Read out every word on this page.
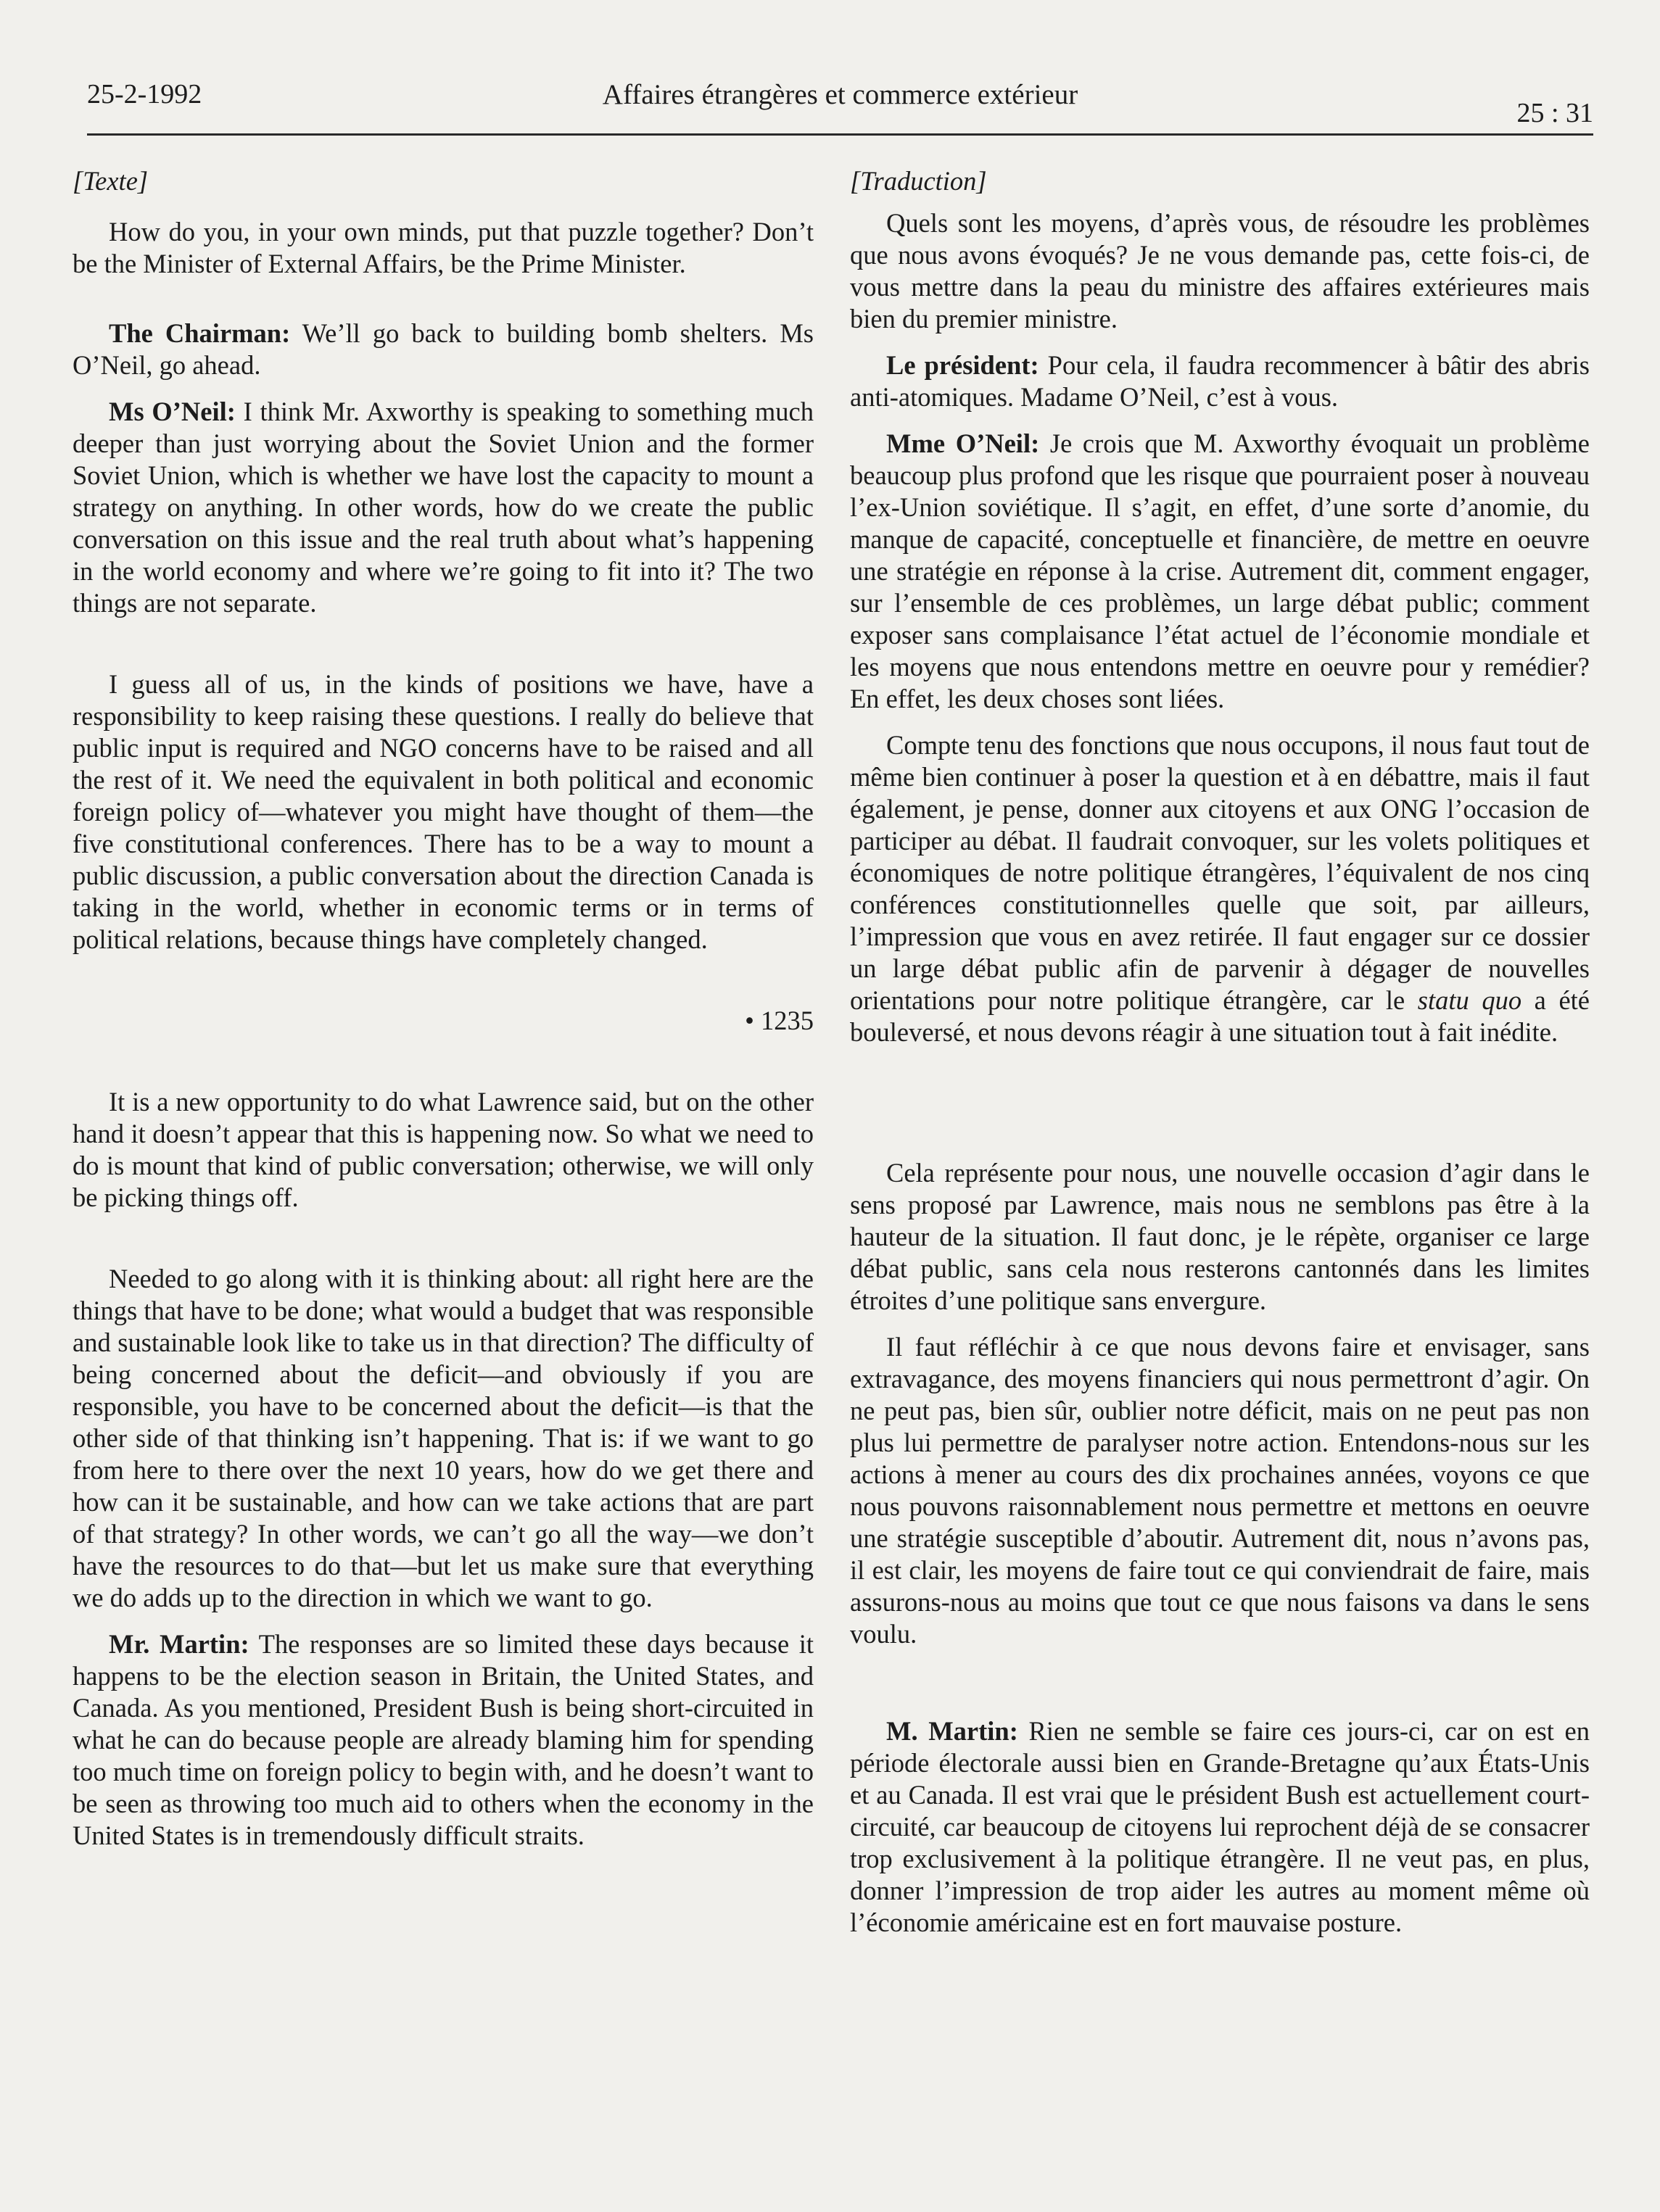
25-2-1992	Affaires étrangères et commerce extérieur
25 : 31

[Texte]

How do you, in your own minds, put that puzzle together? Don’t be the Minister of External Affairs, be the Prime Minister.

The Chairman: We’ll go back to building bomb shelters. Ms O’Neil, go ahead.

Ms O’Neil: I think Mr. Axworthy is speaking to something much deeper than just worrying about the Soviet Union and the former Soviet Union, which is whether we have lost the capacity to mount a strategy on anything. In other words, how do we create the public conversation on this issue and the real truth about what’s happening in the world economy and where we’re going to fit into it? The two things are not separate.

I guess all of us, in the kinds of positions we have, have a responsibility to keep raising these questions. I really do believe that public input is required and NGO concerns have to be raised and all the rest of it. We need the equivalent in both political and economic foreign policy of—whatever you might have thought of them—the five constitutional conferences. There has to be a way to mount a public discussion, a public conversation about the direction Canada is taking in the world, whether in economic terms or in terms of political relations, because things have completely changed.

• 1235

It is a new opportunity to do what Lawrence said, but on the other hand it doesn’t appear that this is happening now. So what we need to do is mount that kind of public conversation; otherwise, we will only be picking things off.

Needed to go along with it is thinking about: all right here are the things that have to be done; what would a budget that was responsible and sustainable look like to take us in that direction? The difficulty of being concerned about the deficit—and obviously if you are responsible, you have to be concerned about the deficit—is that the other side of that thinking isn’t happening. That is: if we want to go from here to there over the next 10 years, how do we get there and how can it be sustainable, and how can we take actions that are part of that strategy? In other words, we can’t go all the way—we don’t have the resources to do that—but let us make sure that everything we do adds up to the direction in which we want to go.

Mr. Martin: The responses are so limited these days because it happens to be the election season in Britain, the United States, and Canada. As you mentioned, President Bush is being short-circuited in what he can do because people are already blaming him for spending too much time on foreign policy to begin with, and he doesn’t want to be seen as throwing too much aid to others when the economy in the United States is in tremendously difficult straits.

[Traduction]

Quels sont les moyens, d’après vous, de résoudre les problèmes que nous avons évoqués? Je ne vous demande pas, cette fois-ci, de vous mettre dans la peau du ministre des affaires extérieures mais bien du premier ministre.

Le président: Pour cela, il faudra recommencer à bâtir des abris anti-atomiques. Madame O’Neil, c’est à vous.

Mme O’Neil: Je crois que M. Axworthy évoquait un problème beaucoup plus profond que les risque que pourraient poser à nouveau l’ex-Union soviétique. Il s’agit, en effet, d’une sorte d’anomie, du manque de capacité, conceptuelle et financière, de mettre en oeuvre une stratégie en réponse à la crise. Autrement dit, comment engager, sur l’ensemble de ces problèmes, un large débat public; comment exposer sans complaisance l’état actuel de l’économie mondiale et les moyens que nous entendons mettre en oeuvre pour y remédier? En effet, les deux choses sont liées.

Compte tenu des fonctions que nous occupons, il nous faut tout de même bien continuer à poser la question et à en débattre, mais il faut également, je pense, donner aux citoyens et aux ONG l’occasion de participer au débat. Il faudrait convoquer, sur les volets politiques et économiques de notre politique étrangères, l’équivalent de nos cinq conférences constitutionnelles quelle que soit, par ailleurs, l’impression que vous en avez retirée. Il faut engager sur ce dossier un large débat public afin de parvenir à dégager de nouvelles orientations pour notre politique étrangère, car le statu quo a été bouleversé, et nous devons réagir à une situation tout à fait inédite.

Cela représente pour nous, une nouvelle occasion d’agir dans le sens proposé par Lawrence, mais nous ne semblons pas être à la hauteur de la situation. Il faut donc, je le répète, organiser ce large débat public, sans cela nous resterons cantonnés dans les limites étroites d’une politique sans envergure.

Il faut réfléchir à ce que nous devons faire et envisager, sans extravagance, des moyens financiers qui nous permettront d’agir. On ne peut pas, bien sûr, oublier notre déficit, mais on ne peut pas non plus lui permettre de paralyser notre action. Entendons-nous sur les actions à mener au cours des dix prochaines années, voyons ce que nous pouvons raisonnablement nous permettre et mettons en oeuvre une stratégie susceptible d’aboutir. Autrement dit, nous n’avons pas, il est clair, les moyens de faire tout ce qui conviendrait de faire, mais assurons-nous au moins que tout ce que nous faisons va dans le sens voulu.

M. Martin: Rien ne semble se faire ces jours-ci, car on est en période électorale aussi bien en Grande-Bretagne qu’aux États-Unis et au Canada. Il est vrai que le président Bush est actuellement court-circuité, car beaucoup de citoyens lui reprochent déjà de se consacrer trop exclusivement à la politique étrangère. Il ne veut pas, en plus, donner l’impression de trop aider les autres au moment même où l’économie américaine est en fort mauvaise posture.
